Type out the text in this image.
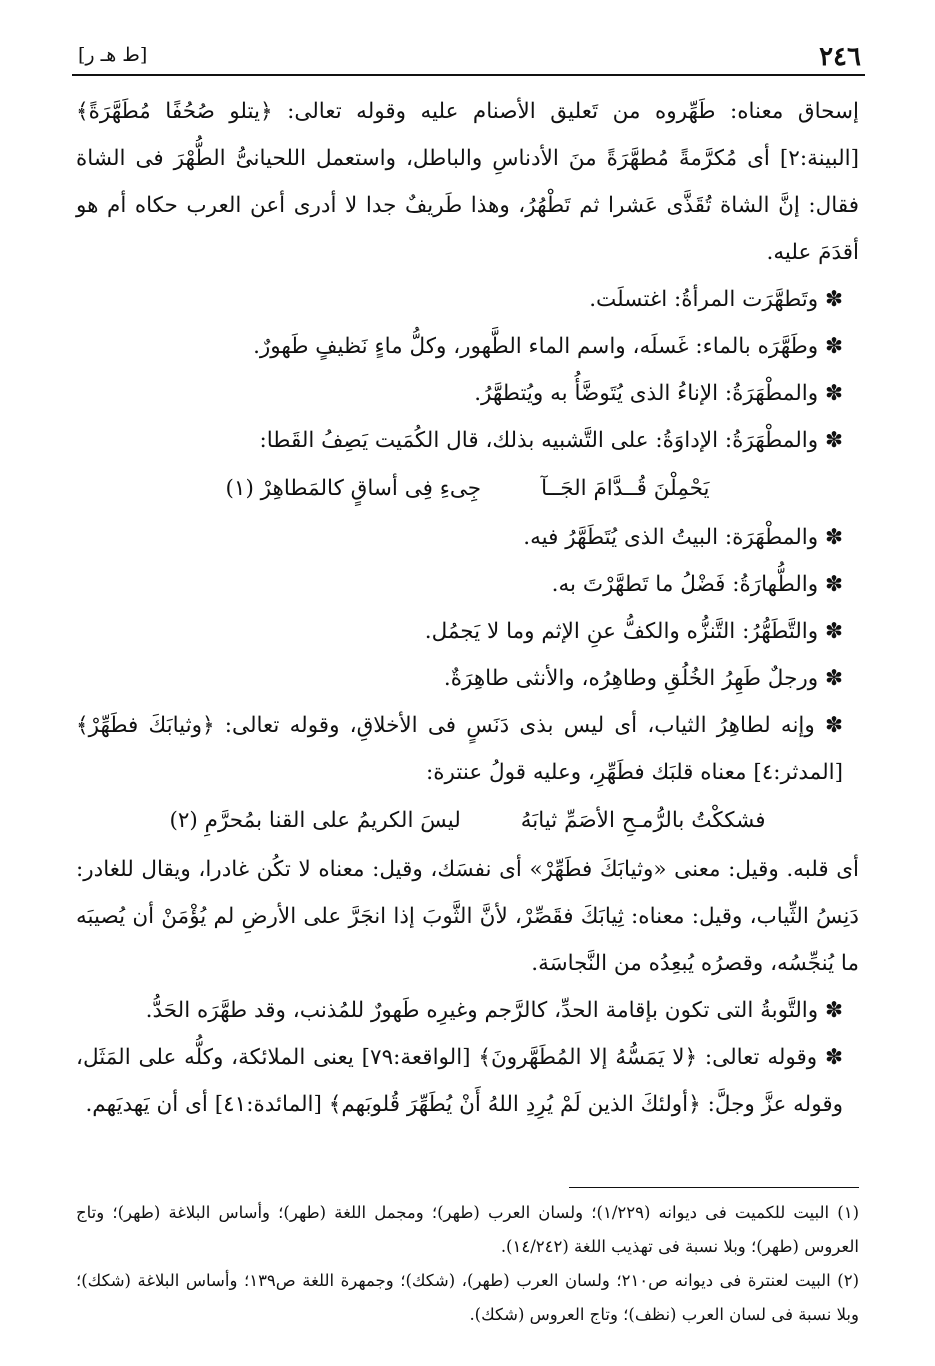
٢٤٦
[ط هـ ر]

إسحاق معناه: طَهِّروه من تَعليق الأصنام عليه وقوله تعالى: ﴿يتلو صُحُفًا مُطَهَّرَةً﴾ [البينة:٢] أى مُكرَّمةً مُطهَّرَةً منَ الأدناسِ والباطل، واستعمل اللحيانىُّ الطُّهْرَ فى الشاة فقال: إنَّ الشاة تُقَذَّى عَشرا ثم تَطْهُرُ، وهذا طَريفٌ جدا لا أدرى أعن العرب حكاه أم هو أقدَمَ عليه.

✽ وتَطهَّرَت المرأةُ: اغتسلَت.

✽ وطَهَّرَه بالماء: غَسلَه، واسم الماء الطَّهور، وكلُّ ماءٍ نَظيفٍ طَهورٌ.

✽ والمطْهَرَةُ: الإناءُ الذى يُتَوضَّأُ به ويُتطهَّرُ.

✽ والمطْهَرَةُ: الإداوَةُ: على التَّشبيه بذلك، قال الكُمَيت يَصِفُ القَطا:

يَحْمِلْنَ قُــدَّامَ الجَــآ
جِىءِ فِى أساقٍ كالمَطاهِرْ (١)

✽ والمطْهَرَة: البيتُ الذى يُتَطَهَّرُ فيه.

✽ والطُّهارَةُ: فَضْلُ ما تَطهَّرْتَ به.

✽ والتَّطَهُّرُ: التَّنزُّه والكفُّ عنِ الإثم وما لا يَجمُل.

✽ ورجلٌ طَهِرُ الخُلُقِ وطاهِرُه، والأنثى طاهِرَةٌ.

✽ وإنه لطاهِرُ الثياب، أى ليس بذى دَنَسٍ فى الأخلاقِ، وقوله تعالى: ﴿وثيابَكَ فطَهِّرْ﴾ [المدثر:٤] معناه قلبَك فطَهِّرِ، وعليه قولُ عنترة:

فشككْتُ بالرُّمـحِ الأصَمِّ ثيابَهُ
ليسَ الكريمُ على القنا بمُحرَّمِ (٢)

أى قلبه. وقيل: معنى «وثيابَكَ فطَهِّرْ» أى نفسَك، وقيل: معناه لا تكُن غادرا، ويقال للغادر: دَنِسُ الثِّياب، وقيل: معناه: ثِيابَكَ فقَصِّرْ، لأنَّ الثَّوبَ إذا انجَرَّ على الأرضِ لم يُؤْمَنْ أن يُصيبَه ما يُنجِّسُه، وقصرُه يُبعِدُه من النَّجاسَة.

✽ والتَّوبةُ التى تكون بإقامة الحدِّ، كالرَّجم وغيرِه طَهورٌ للمُذنب، وقد طهَّرَه الحَدُّ.

✽ وقوله تعالى: ﴿لا يَمَسُّهُ إلا المُطَهَّرونَ﴾ [الواقعة:٧٩] يعنى الملائكة، وكلُّه على المَثَل، وقوله عزَّ وجلَّ: ﴿أولئكَ الذين لَمْ يُرِدِ اللهُ أَنْ يُطَهِّرَ قُلوبَهم﴾ [المائدة:٤١] أى أن يَهديَهم.

(١) البيت للكميت فى ديوانه (١/٢٢٩)؛ ولسان العرب (طهر)؛ ومجمل اللغة (طهر)؛ وأساس البلاغة (طهر)؛ وتاج العروس (طهر)؛ وبلا نسبة فى تهذيب اللغة (١٤/٢٤٢).

(٢) البيت لعنترة فى ديوانه ص٢١٠؛ ولسان العرب (طهر)، (شكك)؛ وجمهرة اللغة ص١٣٩؛ وأساس البلاغة (شكك)؛ وبلا نسبة فى لسان العرب (نظف)؛ وتاج العروس (شكك).
